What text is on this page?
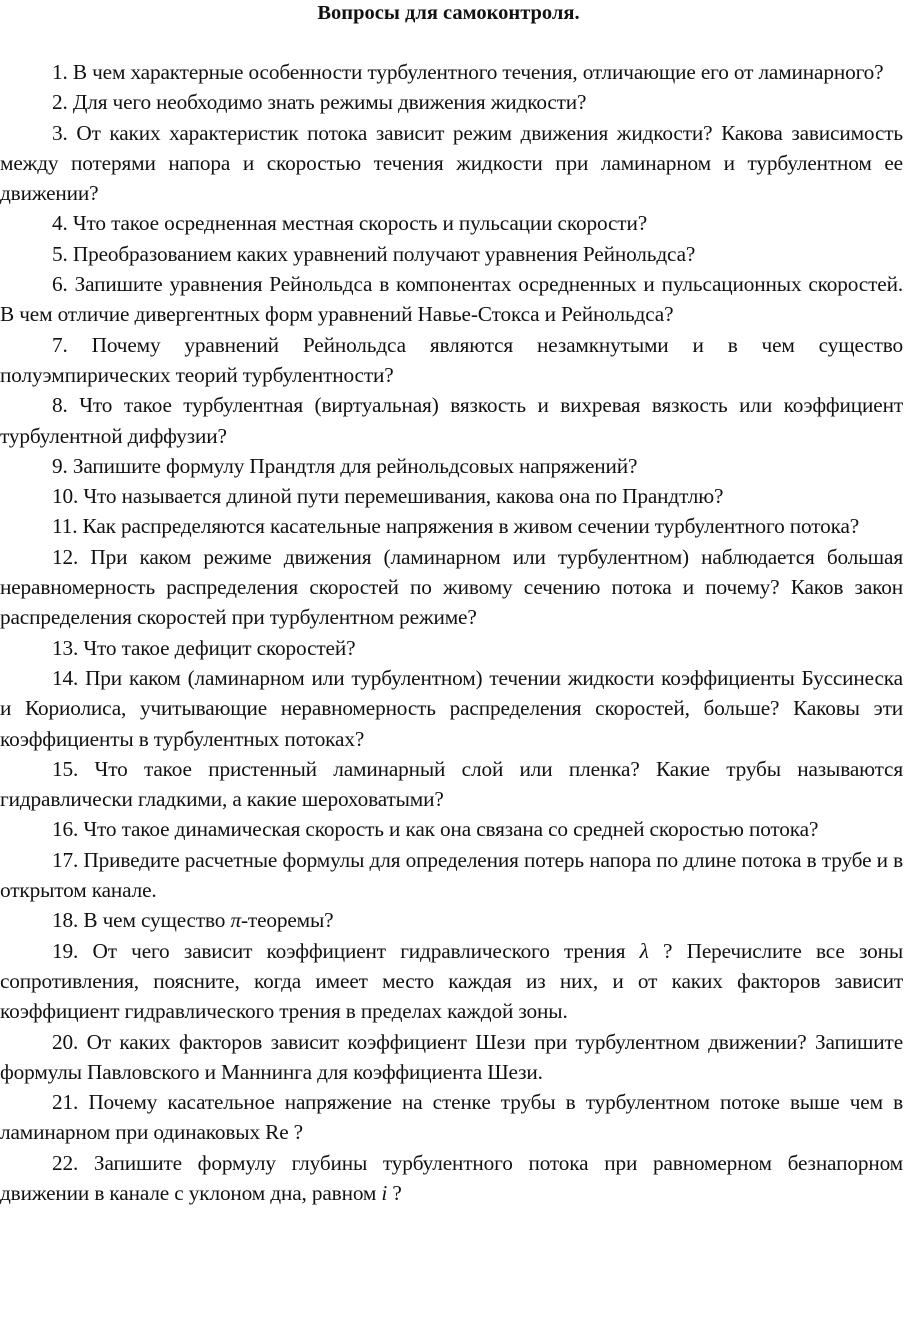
Вопросы для самоконтроля.

1. В чем характерные особенности турбулентного течения, отличающие его от ламинарного?

2. Для чего необходимо знать режимы движения жидкости?

3. От каких характеристик потока зависит режим движения жидкости? Какова зависимость между потерями напора и скоростью течения жидкости при ламинарном и турбулентном ее движении?

4. Что такое осредненная местная скорость и пульсации скорости?

5. Преобразованием каких уравнений получают уравнения Рейнольдса?

6. Запишите уравнения Рейнольдса в компонентах осредненных и пульсационных скоростей. В чем отличие дивергентных форм уравнений Навье-Стокса и Рейнольдса?

7. Почему уравнений Рейнольдса являются незамкнутыми и в чем существо полуэмпирических теорий турбулентности?

8. Что такое турбулентная (виртуальная) вязкость и вихревая вязкость или коэффициент турбулентной диффузии?

9. Запишите формулу Прандтля для рейнольдсовых напряжений?

10. Что называется длиной пути перемешивания, какова она по Прандтлю?

11. Как распределяются касательные напряжения в живом сечении турбулентного потока?

12. При каком режиме движения (ламинарном или турбулентном) наблюдается большая неравномерность распределения скоростей по живому сечению потока и почему? Каков закон распределения скоростей при турбулентном режиме?

13. Что такое дефицит скоростей?

14. При каком (ламинарном или турбулентном) течении жидкости коэффициенты Буссинеска и Кориолиса, учитывающие неравномерность распределения скоростей, больше? Каковы эти коэффициенты в турбулентных потоках?

15. Что такое пристенный ламинарный слой или пленка? Какие трубы называются гидравлически гладкими, а какие шероховатыми?

16. Что такое динамическая скорость и как она связана со средней скоростью потока?

17. Приведите расчетные формулы для определения потерь напора по длине потока в трубе и в открытом канале.

18. В чем существо π-теоремы?

19. От чего зависит коэффициент гидравлического трения λ ? Перечислите все зоны сопротивления, поясните, когда имеет место каждая из них, и от каких факторов зависит коэффициент гидравлического трения в пределах каждой зоны.

20. От каких факторов зависит коэффициент Шези при турбулентном движении? Запишите формулы Павловского и Маннинга для коэффициента Шези.

21. Почему касательное напряжение на стенке трубы в турбулентном потоке выше чем в ламинарном при одинаковых Re ?

22. Запишите формулу глубины турбулентного потока при равномерном безнапорном движении в канале с уклоном дна, равном i ?
